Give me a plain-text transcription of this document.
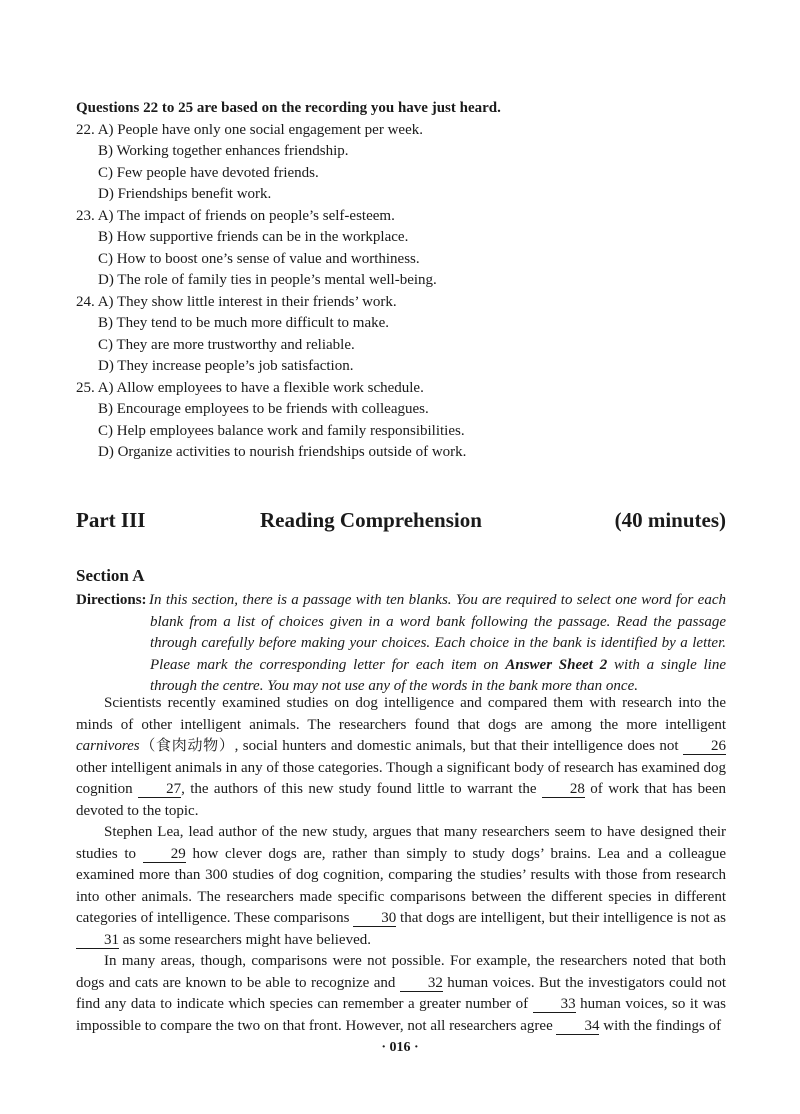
Questions 22 to 25 are based on the recording you have just heard.
22. A) People have only one social engagement per week.
B) Working together enhances friendship.
C) Few people have devoted friends.
D) Friendships benefit work.
23. A) The impact of friends on people’s self-esteem.
B) How supportive friends can be in the workplace.
C) How to boost one’s sense of value and worthiness.
D) The role of family ties in people’s mental well-being.
24. A) They show little interest in their friends’ work.
B) They tend to be much more difficult to make.
C) They are more trustworthy and reliable.
D) They increase people’s job satisfaction.
25. A) Allow employees to have a flexible work schedule.
B) Encourage employees to be friends with colleagues.
C) Help employees balance work and family responsibilities.
D) Organize activities to nourish friendships outside of work.
Part III	Reading Comprehension	(40 minutes)
Section A
Directions: In this section, there is a passage with ten blanks. You are required to select one word for each blank from a list of choices given in a word bank following the passage. Read the passage through carefully before making your choices. Each choice in the bank is identified by a letter. Please mark the corresponding letter for each item on Answer Sheet 2 with a single line through the centre. You may not use any of the words in the bank more than once.

Scientists recently examined studies on dog intelligence and compared them with research into the minds of other intelligent animals. The researchers found that dogs are among the more intelligent carnivores（食肉动物）, social hunters and domestic animals, but that their intelligence does not 26 other intelligent animals in any of those categories. Though a significant body of research has examined dog cognition 27, the authors of this new study found little to warrant the 28 of work that has been devoted to the topic.

Stephen Lea, lead author of the new study, argues that many researchers seem to have designed their studies to 29 how clever dogs are, rather than simply to study dogs’ brains. Lea and a colleague examined more than 300 studies of dog cognition, comparing the studies’ results with those from research into other animals. The researchers made specific comparisons between the different species in different categories of intelligence. These comparisons 30 that dogs are intelligent, but their intelligence is not as 31 as some researchers might have believed.

In many areas, though, comparisons were not possible. For example, the researchers noted that both dogs and cats are known to be able to recognize and 32 human voices. But the investigators could not find any data to indicate which species can remember a greater number of 33 human voices, so it was impossible to compare the two on that front. However, not all researchers agree 34 with the findings of

· 016 ·
